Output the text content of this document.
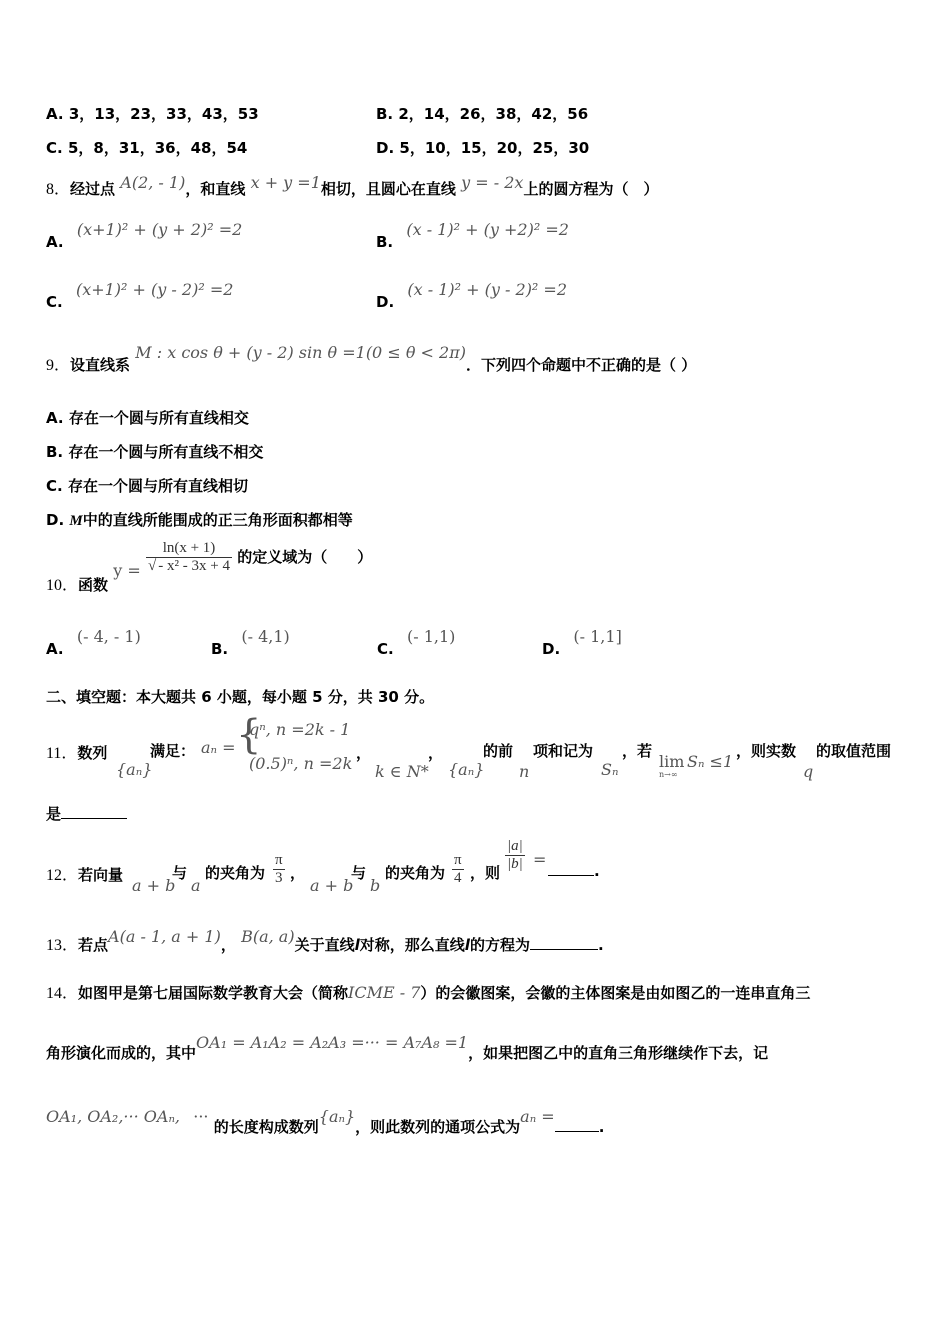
A. 3，13，23，33，43，53	B. 2，14，26，38，42，56
C. 5，8，31，36，48，54	D. 5，10，15，20，25，30
8．经过点 A(2, - 1)，和直线 x + y =1相切，且圆心在直线 y = - 2x上的圆方程为（　）
A. (x+1)² + (y + 2)² =2
B. (x - 1)² + (y +2)² =2
C. (x+1)² + (y - 2)² =2
D. (x - 1)² + (y - 2)² =2
9．设直线系 M : x cos θ + (y - 2) sin θ =1(0 ≤ θ < 2π)．下列四个命题中不正确的是（ ）
A. 存在一个圆与所有直线相交
B. 存在一个圆与所有直线不相交
C. 存在一个圆与所有直线相切
D. M中的直线所能围成的正三角形面积都相等
10．函数 $y = \frac{\ln(x + 1)}{\text{√ - x² - 3x + 4}}$ 的定义域为（　　）
A. (- 4, - 1)
B. (- 4,1)
C. (- 1,1)
D. (- 1,1]
二、填空题：本大题共 6 小题，每小题 5 分，共 30 分。
11．数列
{aₙ}
满足： aₙ = {
qⁿ, n =2k - 1
(0.5)ⁿ, n =2k
，
k ∈ N*
，
{aₙ}
的前
n
项和记为
Sₙ
，若
lim
n→∞
Sₙ ≤1
，则实数
q
的取值范围
是
12．若向量
a + b
与
a
的夹角为 $\frac{\pi}{3}$ ，
a + b
与
b
的夹角为 $\frac{\pi}{4}$ ，则 $\frac{|a|}{|b|}$ =
.
13．若点A(a - 1, a + 1)， B(a, a)关于直线l对称，那么直线l的方程为	.
14．如图甲是第七届国际数学教育大会（简称ICME - 7）的会徽图案，会徽的主体图案是由如图乙的一连串直角三
角形演化而成的，其中OA₁ = A₁A₂ = A₂A₃ =··· = A₇A₈ =1，如果把图乙中的直角三角形继续作下去，记
OA₁, OA₂,··· OAₙ, ··· 的长度构成数列{aₙ}，则此数列的通项公式为aₙ =.
